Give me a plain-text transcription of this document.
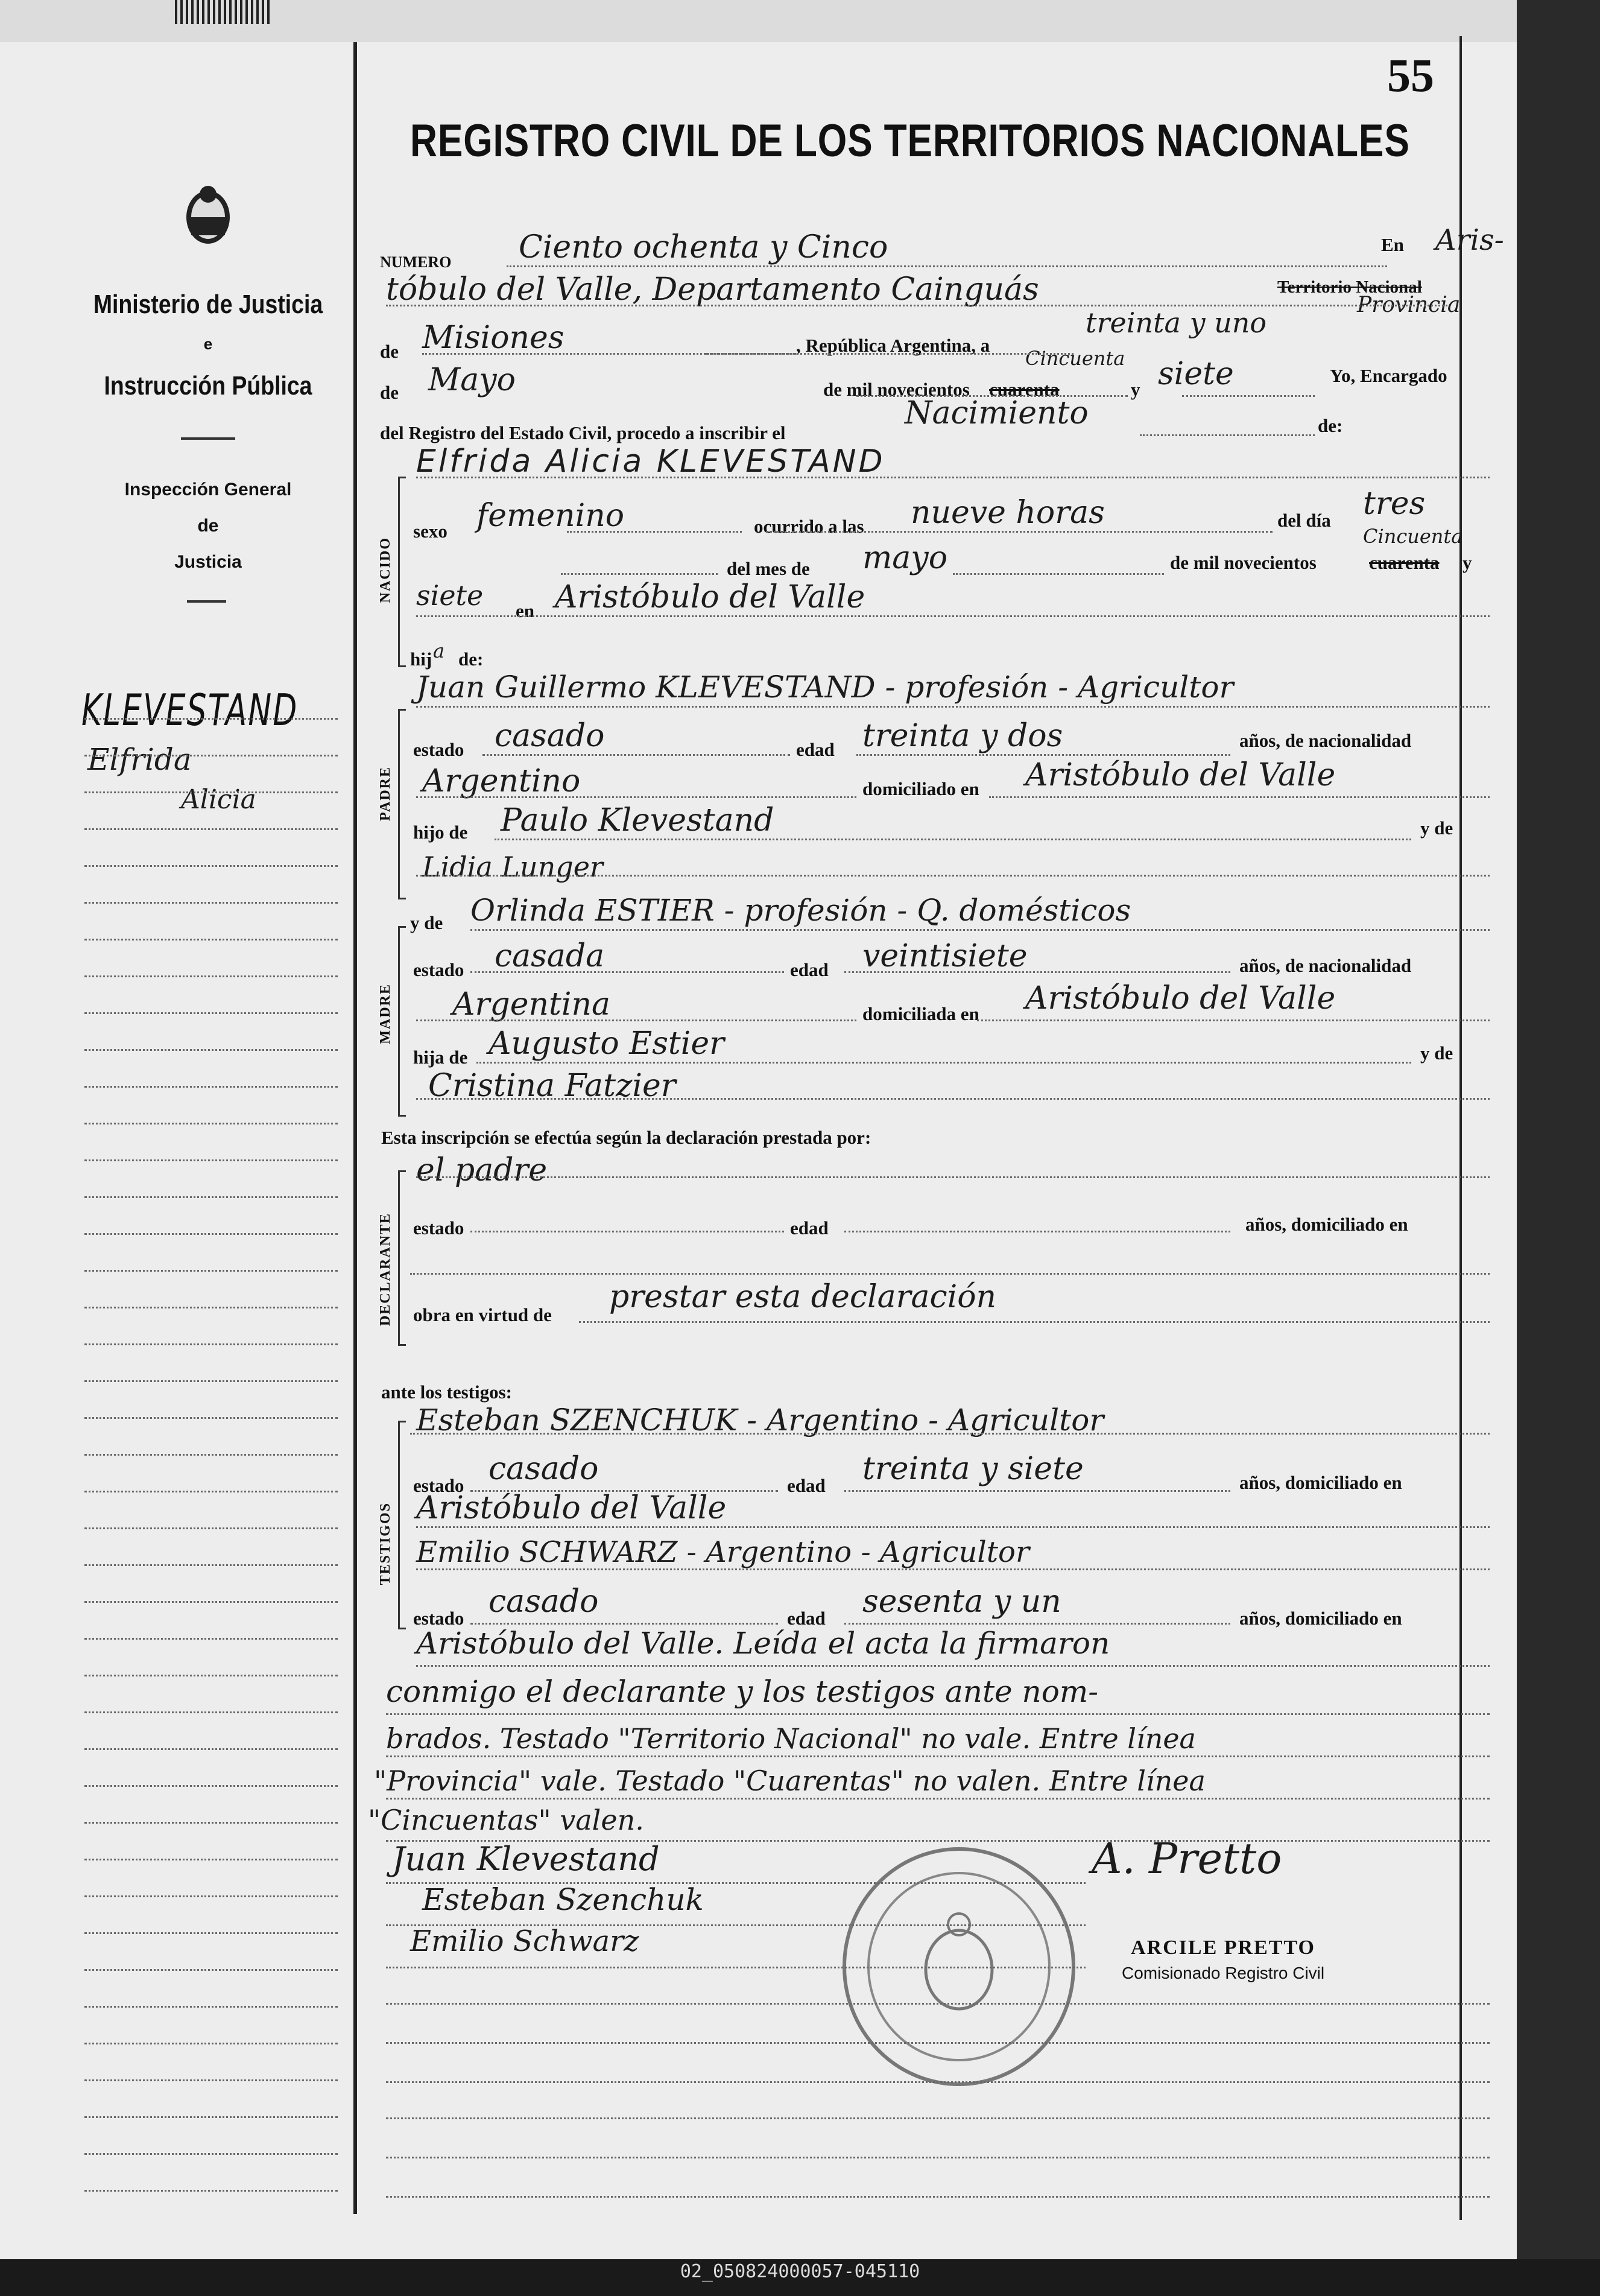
55
REGISTRO CIVIL DE LOS TERRITORIOS NACIONALES
Ministerio de Justicia
e
Instrucción Pública
Inspección General
de
Justicia
KLEVESTAND
Elfrida
Alicia
NACIDO
PADRE
MADRE
DECLARANTE
TESTIGOS
NUMERO Ciento ochenta y Cinco	En Aris-
tóbulo del Valle, Departamento Cainguás	Territorio Nacional
Provincia
de Misiones	, República Argentina, a
treinta y uno
de Mayo	de mil novecientos cuarenta
Cincuenta
y siete	Yo, Encargado
del Registro del Estado Civil, procedo a inscribir el
Nacimiento	de:
Elfrida Alicia KLEVESTAND
sexo femenino	ocurrido a las nueve horas	del día tres
Cincuenta
del mes de mayo	de mil novecientos	cuarenta y
siete en Aristóbulo del Valle
hij a de:
Juan Guillermo KLEVESTAND - profesión - Agricultor
estado casado	edad treinta y dos	años, de nacionalidad
Argentino	domiciliado en Aristóbulo del Valle
hijo de Paulo Klevestand	y de
Lidia Lunger
y de Orlinda ESTIER - profesión - Q. domésticos
estado casada	edad veintisiete	años, de nacionalidad
Argentina	domiciliada en Aristóbulo del Valle
hija de Augusto Estier	y de
Cristina Fatzier
Esta inscripción se efectúa según la declaración prestada por:
el padre
estado	edad	años, domiciliado en
obra en virtud de prestar esta declaración
ante los testigos:
Esteban SZENCHUK - Argentino - Agricultor
estado casado	edad treinta y siete	años, domiciliado en
Aristóbulo del Valle
Emilio SCHWARZ - Argentino - Agricultor
estado casado	edad sesenta y un	años, domiciliado en
Aristóbulo del Valle. Leída el acta la firmaron
conmigo el declarante y los testigos ante nom-
brados. Testado "Territorio Nacional" no vale. Entre línea
"Provincia" vale. Testado "Cuarentas" no valen. Entre línea
"Cincuentas" valen.
Juan Klevestand
Esteban Szenchuk
Emilio Schwarz
A. Pretto
ARCILE PRETTO
Comisionado Registro Civil
02_050824000057-045110
